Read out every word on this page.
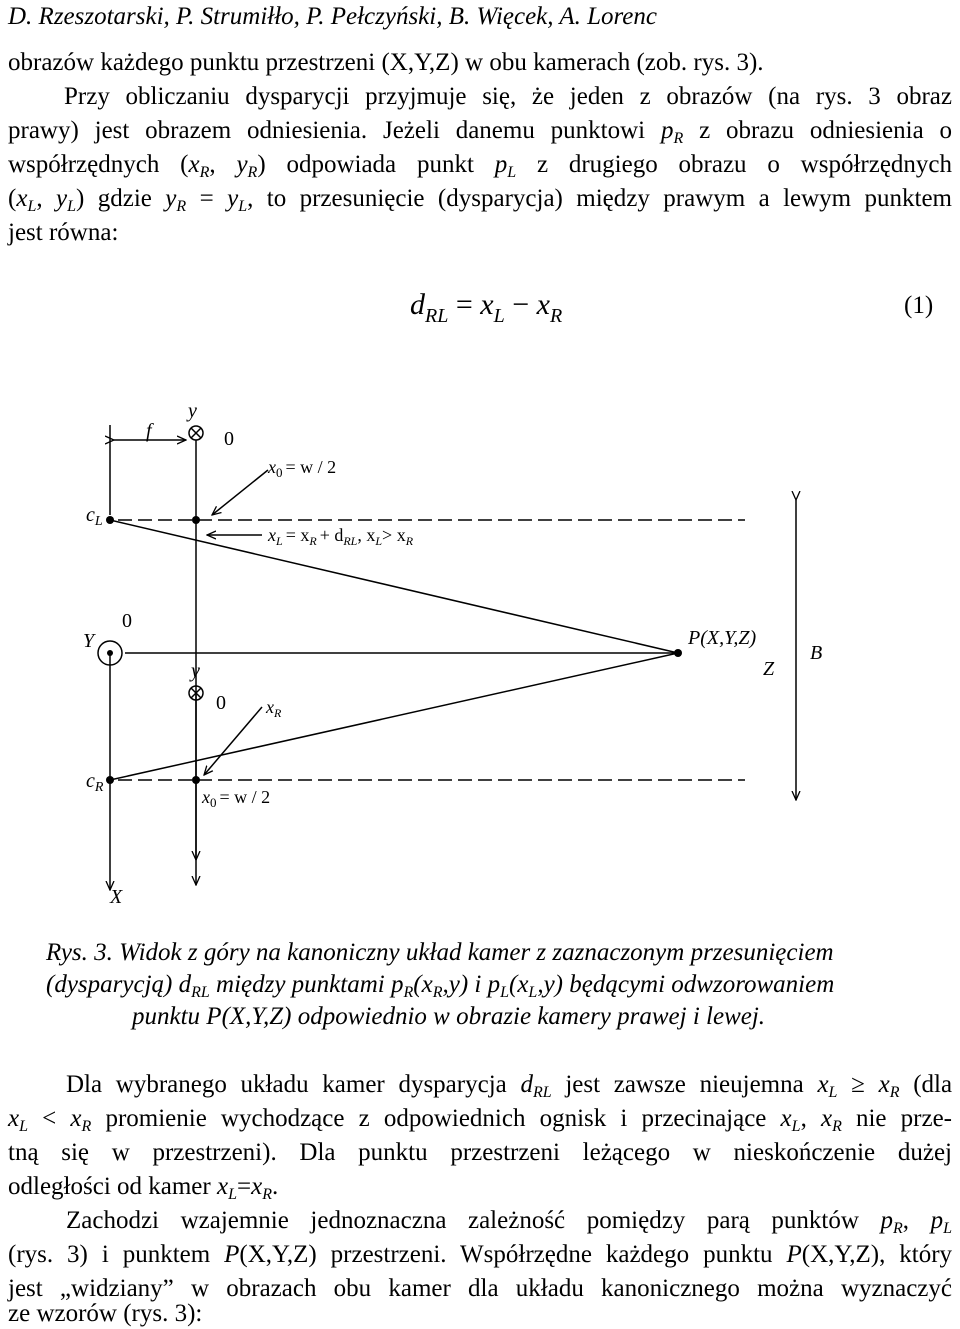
D. Rzeszotarski, P. Strumiłło, P. Pełczyński, B. Więcek, A. Lorenc
obrazów każdego punktu przestrzeni (X,Y,Z) w obu kamerach (zob. rys. 3).
Przy obliczaniu dysparycji przyjmuje się, że jeden z obrazów (na rys. 3 obraz
prawy) jest obrazem odniesienia. Jeżeli danemu punktowi $p_R$ z obrazu odniesienia o
współrzędnych ($x_R$, $y_R$) odpowiada punkt $p_L$ z drugiego obrazu o współrzędnych
($x_L$, $y_L$) gdzie $y_R = y_L$, to przesunięcie (dysparycja) między prawym a lewym punktem
jest równa:
$d_{RL} = x_L - x_R$	(1)
f
y
0
$x_0 = w / 2$
$c_L$
$x_L = x_R + d_{RL}$, $x_L> x_R$
Y
0
y
0 $x_R$
P(X,Y,Z)
Z
B
$c_R$	$x_0 = w / 2$
X
Rys. 3. Widok z góry na kanoniczny układ kamer z zaznaczonym przesunięciem
(dysparycją) $d_{RL}$ między punktami $p_R(x_R,y)$ i $p_L(x_L,y)$ będącymi odwzorowaniem
punktu P(X,Y,Z) odpowiednio w obrazie kamery prawej i lewej.
Dla wybranego układu kamer dysparycja $d_{RL}$ jest zawsze nieujemna $x_L \ge x_R$ (dla
$x_L < x_R$ promienie wychodzące z odpowiednich ognisk i przecinające $x_L$, $x_R$ nie prze-
tną się w przestrzeni). Dla punktu przestrzeni leżącego w nieskończenie dużej
odległości od kamer $x_L=x_R$.
Zachodzi wzajemnie jednoznaczna zależność pomiędzy parą punktów $p_R$, $p_L$
(rys. 3) i punktem P(X,Y,Z) przestrzeni. Współrzędne każdego punktu P(X,Y,Z), który
jest „widziany” w obrazach obu kamer dla układu kanonicznego można wyznaczyć
ze wzorów (rys. 3):
